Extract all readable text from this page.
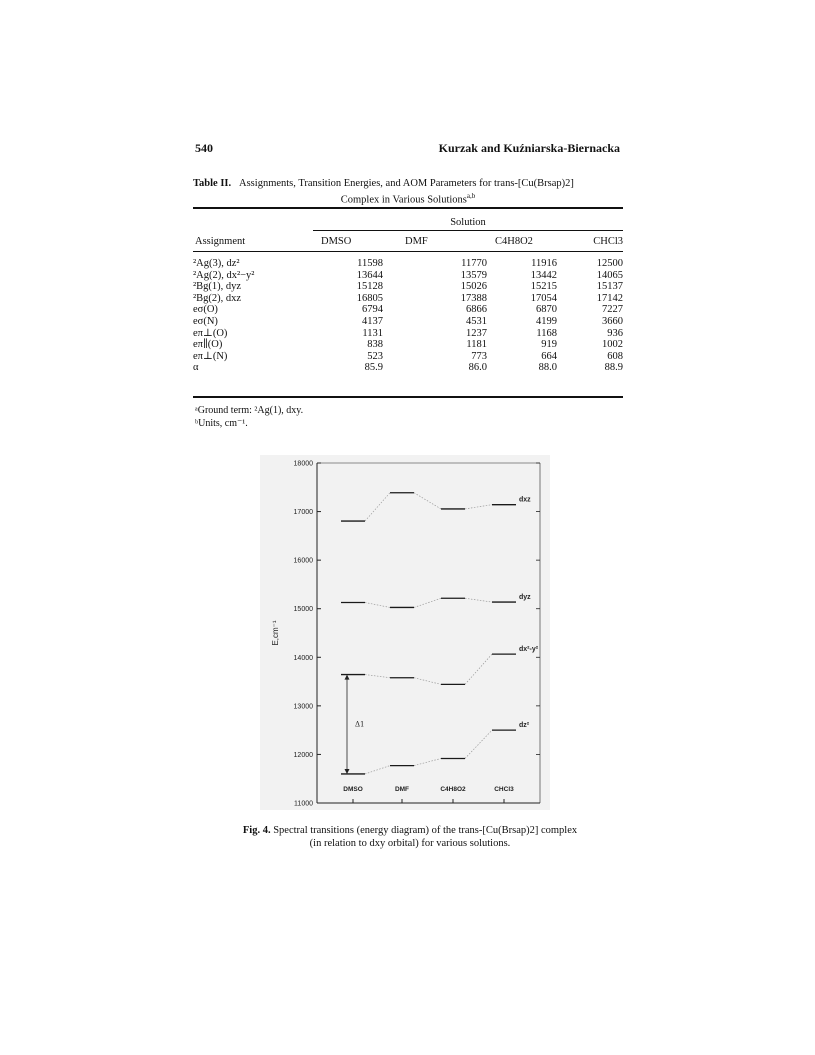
540	Kurzak and Kuźniarska-Biernacka
Table II. Assignments, Transition Energies, and AOM Parameters for trans-[Cu(Brsap)2]
Complex in Various Solutions$^{a,b}$
Solution
Assignment	DMSO	DMF	C4H8O2	CHCl3
²Ag(3), dz²	11598	11770	11916	12500
²Ag(2), dx²−y²	13644	13579	13442	14065
²Bg(1), dyz	15128	15026	15215	15137
²Bg(2), dxz	16805	17388	17054	17142
eσ(O)	6794	6866	6870	7227
eσ(N)	4137	4531	4199	3660
eπ⊥(O)	1131	1237	1168	936
eπ∥(O)	838	1181	919	1002
eπ⊥(N)	523	773	664	608
α	85.9	86.0	88.0	88.9
ᵃGround term: ²Ag(1), dxy.
ᵇUnits, cm⁻¹.
11000
12000
13000
14000
15000
16000
17000
18000
E,cm⁻¹
dxz
dyz
dx²-y²
dz²
Δ1
DMSO	DMF	C4H8O2	CHCl3
Fig. 4. Spectral transitions (energy diagram) of the trans-[Cu(Brsap)2] complex
(in relation to dxy orbital) for various solutions.
